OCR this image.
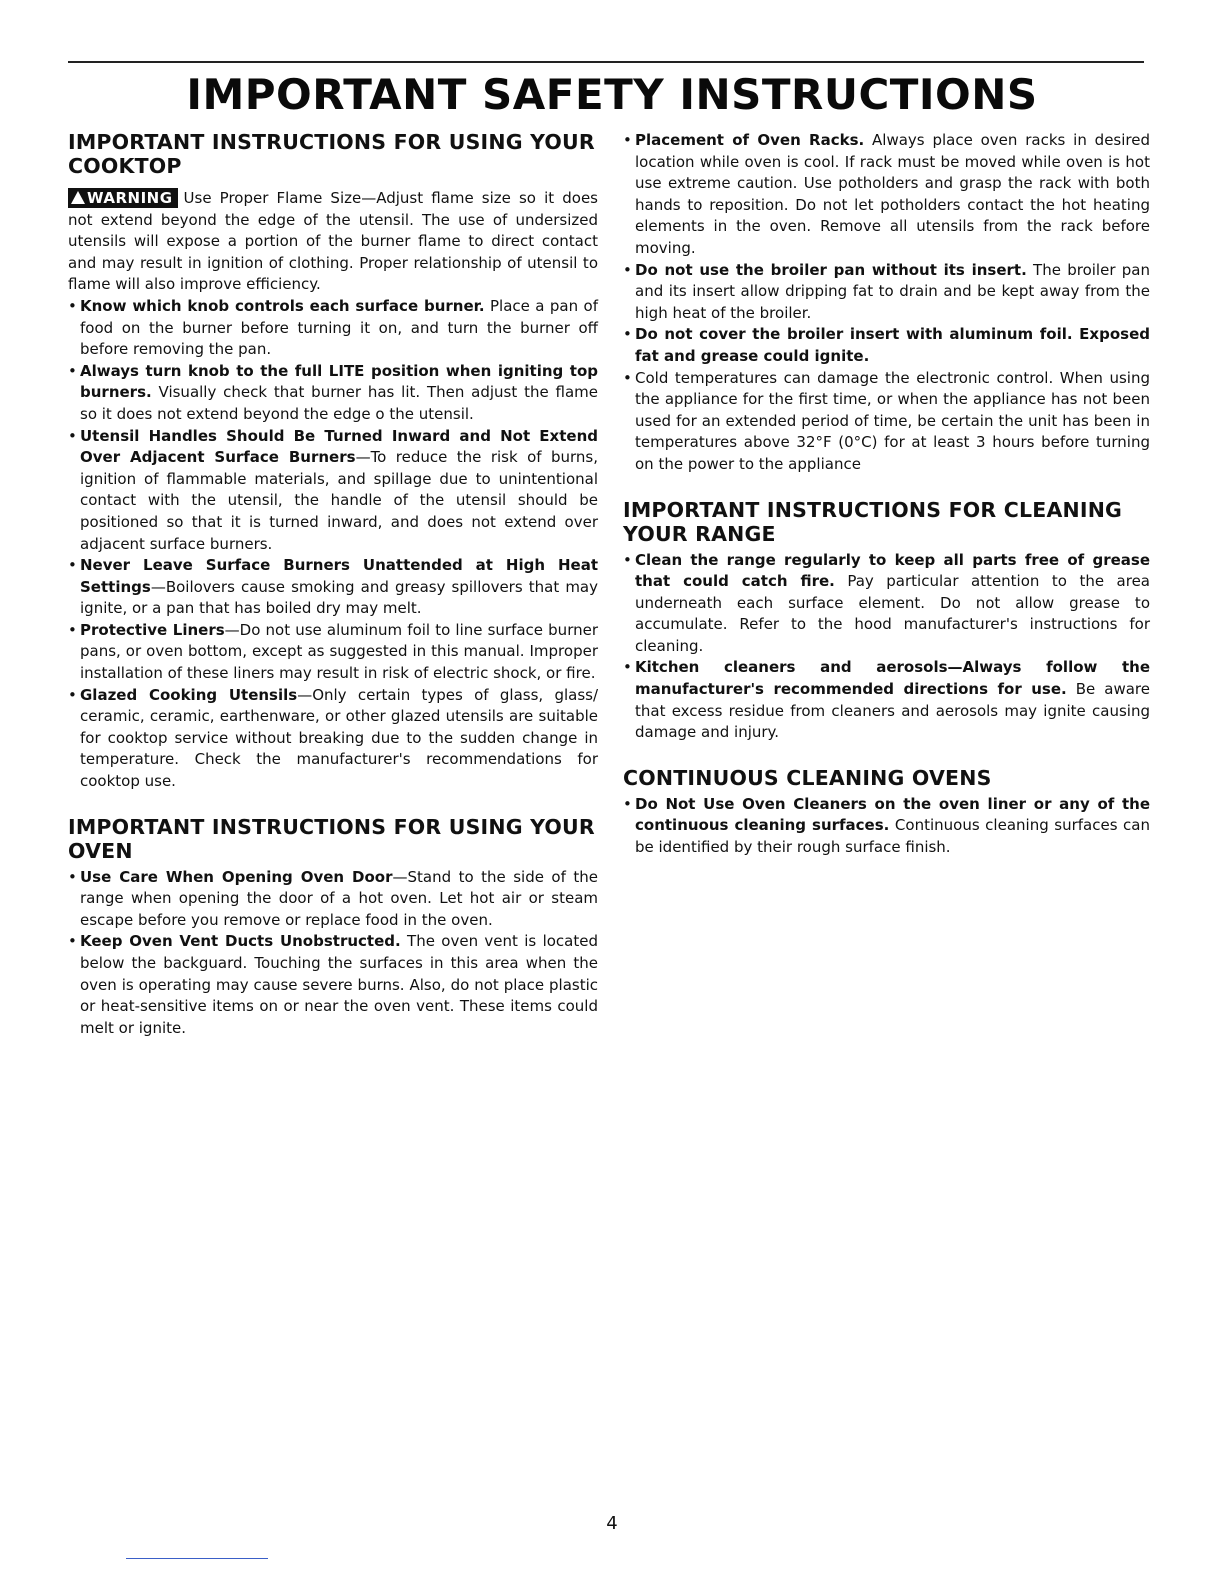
IMPORTANT SAFETY INSTRUCTIONS
IMPORTANT INSTRUCTIONS FOR USING YOUR COOKTOP

WARNING Use Proper Flame Size—Adjust flame size so it does not extend beyond the edge of the utensil. The use of undersized utensils will expose a portion of the burner flame to direct contact and may result in ignition of clothing. Proper relationship of utensil to flame will also improve efficiency.

• Know which knob controls each surface burner. Place a pan of food on the burner before turning it on, and turn the burner off before removing the pan.

• Always turn knob to the full LITE position when igniting top burners. Visually check that burner has lit. Then adjust the flame so it does not extend beyond the edge o the utensil.

• Utensil Handles Should Be Turned Inward and Not Extend Over Adjacent Surface Burners—To reduce the risk of burns, ignition of flammable materials, and spillage due to unintentional contact with the utensil, the handle of the utensil should be positioned so that it is turned inward, and does not extend over adjacent surface burners.

• Never Leave Surface Burners Unattended at High Heat Settings—Boilovers cause smoking and greasy spillovers that may ignite, or a pan that has boiled dry may melt.

• Protective Liners—Do not use aluminum foil to line surface burner pans, or oven bottom, except as suggested in this manual. Improper installation of these liners may result in risk of electric shock, or fire.

• Glazed Cooking Utensils—Only certain types of glass, glass/ ceramic, ceramic, earthenware, or other glazed utensils are suitable for cooktop service without breaking due to the sudden change in temperature. Check the manufacturer's recommendations for cooktop use.

IMPORTANT INSTRUCTIONS FOR USING YOUR OVEN

• Use Care When Opening Oven Door—Stand to the side of the range when opening the door of a hot oven. Let hot air or steam escape before you remove or replace food in the oven.

• Keep Oven Vent Ducts Unobstructed. The oven vent is located below the backguard. Touching the surfaces in this area when the oven is operating may cause severe burns. Also, do not place plastic or heat-sensitive items on or near the oven vent. These items could melt or ignite.

• Placement of Oven Racks. Always place oven racks in desired location while oven is cool. If rack must be moved while oven is hot use extreme caution. Use potholders and grasp the rack with both hands to reposition. Do not let potholders contact the hot heating elements in the oven. Remove all utensils from the rack before moving.

• Do not use the broiler pan without its insert. The broiler pan and its insert allow dripping fat to drain and be kept away from the high heat of the broiler.

• Do not cover the broiler insert with aluminum foil. Exposed fat and grease could ignite.

• Cold temperatures can damage the electronic control. When using the appliance for the first time, or when the appliance has not been used for an extended period of time, be certain the unit has been in temperatures above 32°F (0°C) for at least 3 hours before turning on the power to the appliance

IMPORTANT INSTRUCTIONS FOR CLEANING YOUR RANGE

• Clean the range regularly to keep all parts free of grease that could catch fire. Pay particular attention to the area underneath each surface element. Do not allow grease to accumulate. Refer to the hood manufacturer's instructions for cleaning.

• Kitchen cleaners and aerosols—Always follow the manufacturer's recommended directions for use. Be aware that excess residue from cleaners and aerosols may ignite causing damage and injury.

CONTINUOUS CLEANING OVENS

• Do Not Use Oven Cleaners on the oven liner or any of the continuous cleaning surfaces. Continuous cleaning surfaces can be identified by their rough surface finish.

4
